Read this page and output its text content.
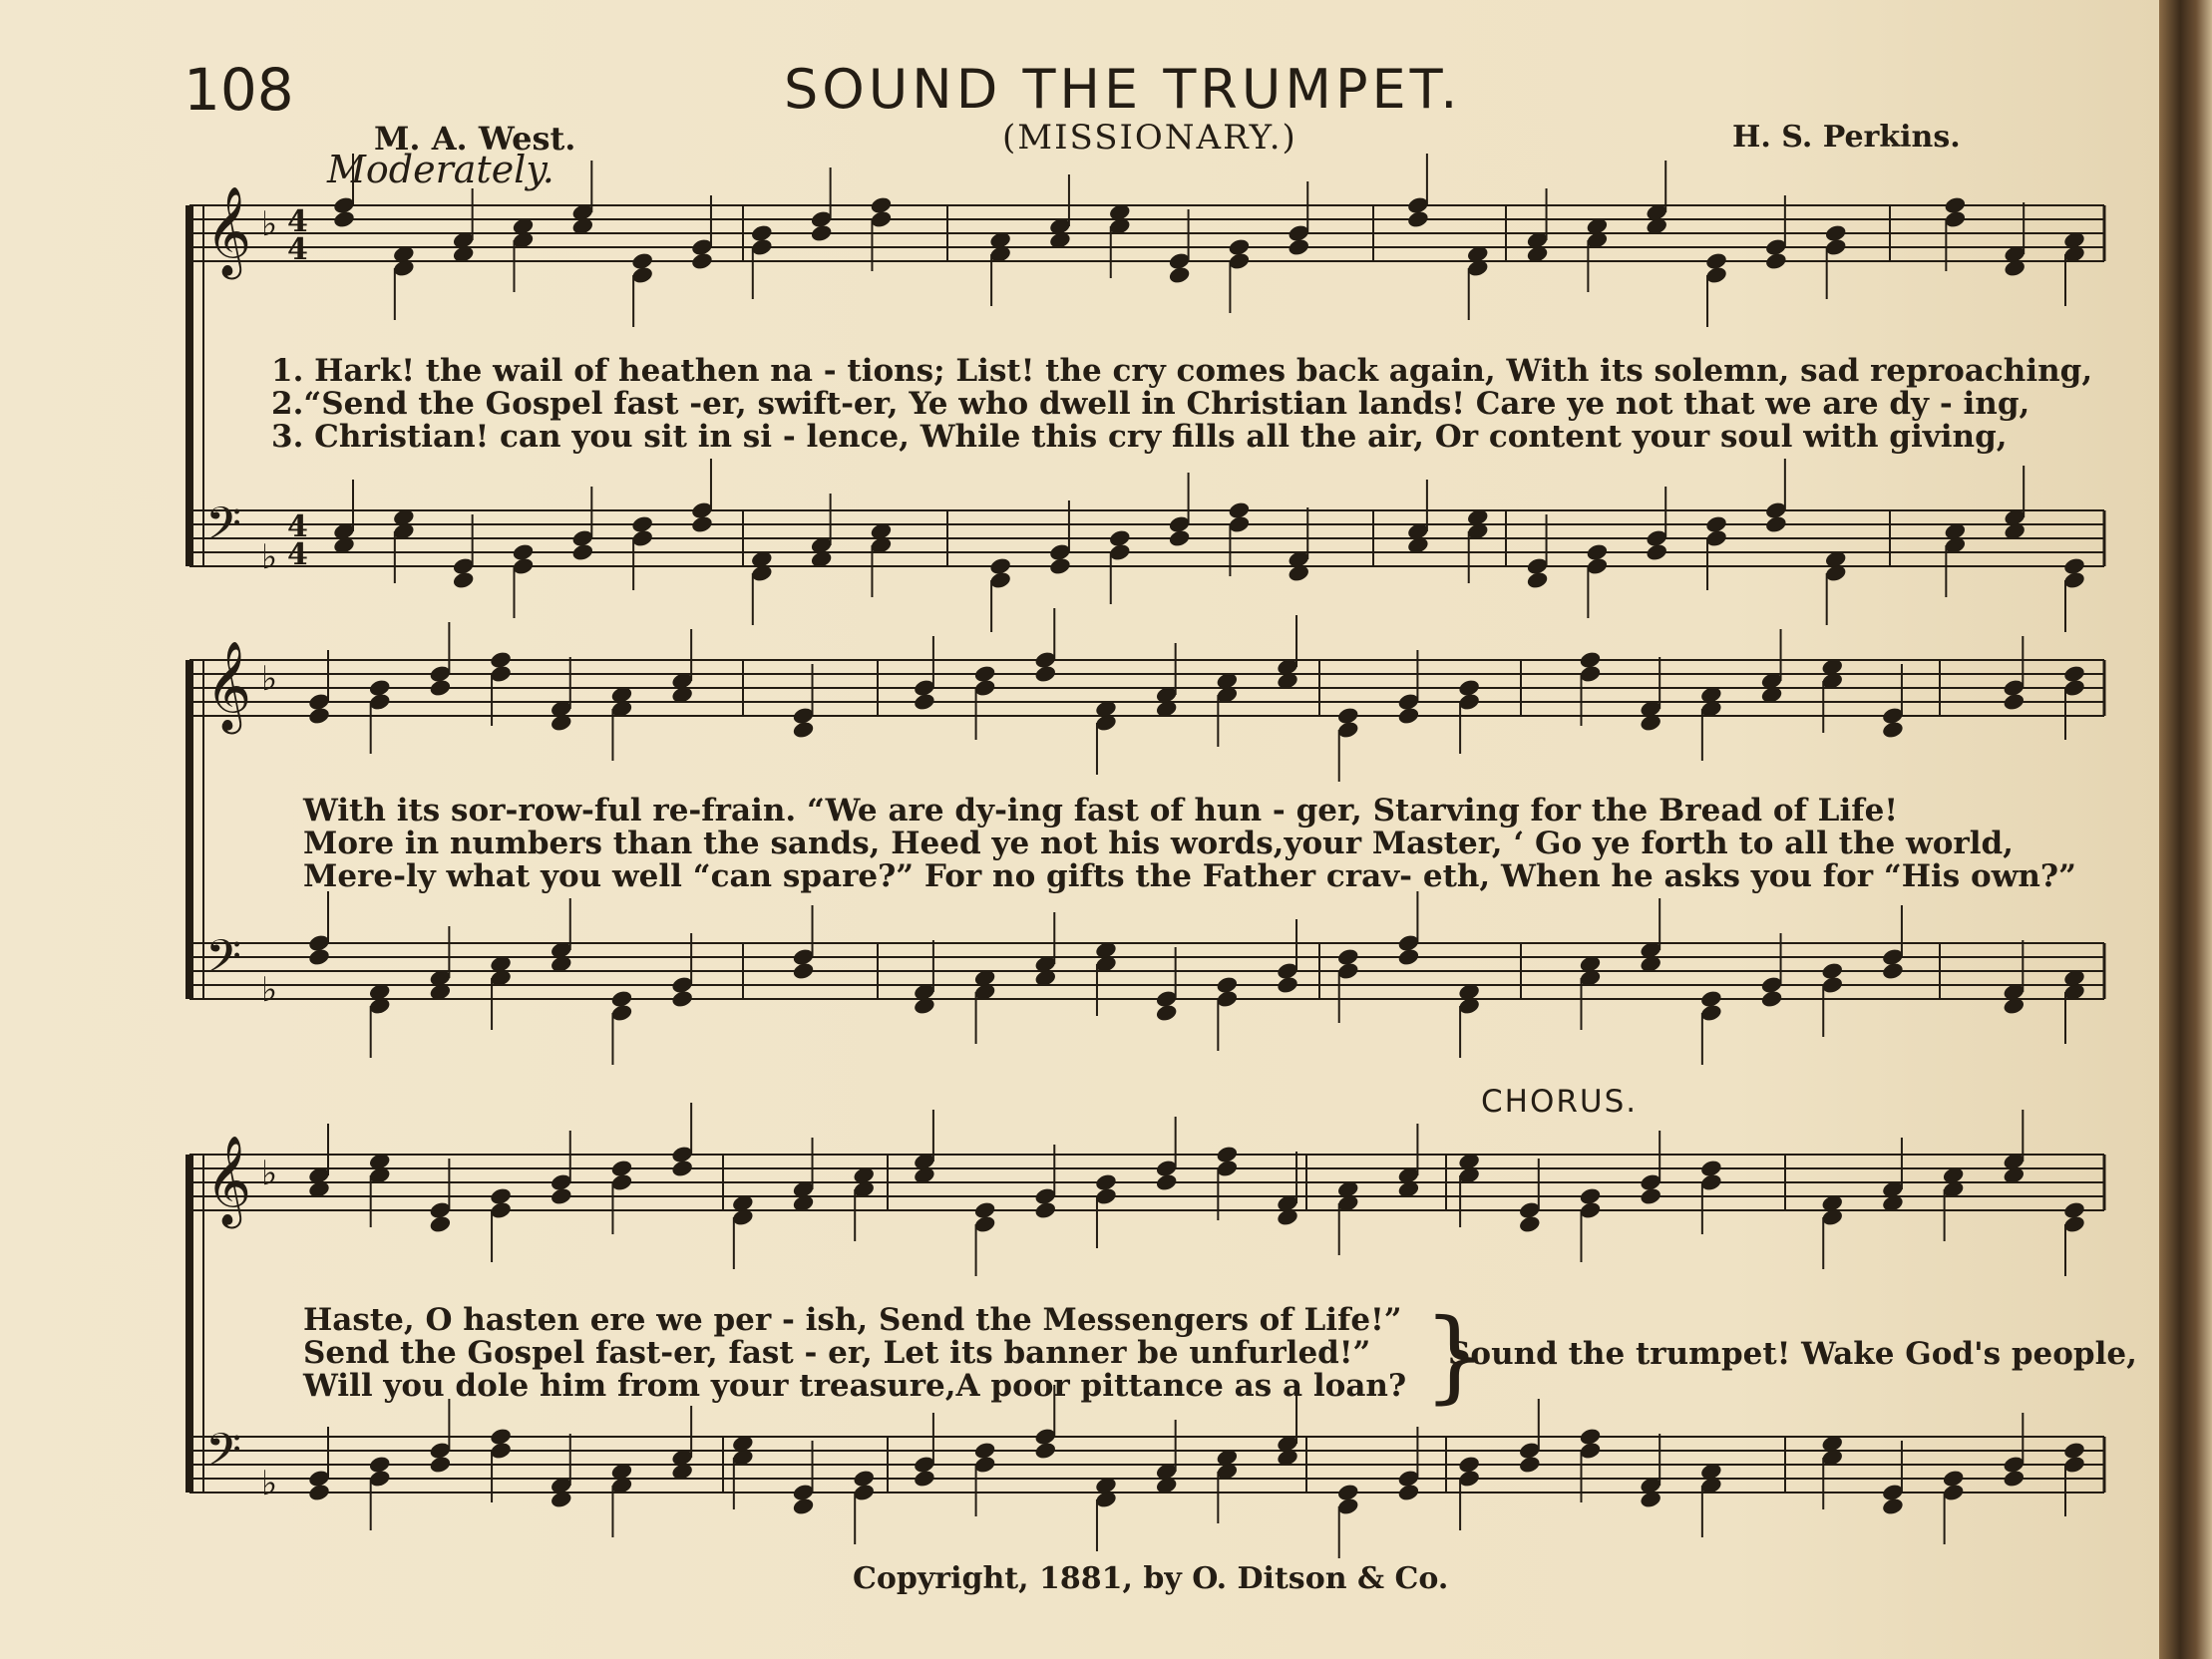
108	SOUND THE TRUMPET.
M. A. West.	(MISSIONARY.)	H. S. Perkins.
Moderately.
𝄞 ♭ 4
4
𝄢 ♭
4
4
𝄞 ♭
𝄢 ♭
𝄞 ♭
𝄢 ♭
1. Hark! the wail of heathen na - tions; List! the cry comes back again, With its solemn, sad reproaching,
2.“Send the Gospel fast -er, swift-er, Ye who dwell in Christian lands! Care ye not that we are dy - ing,
3. Christian! can you sit in si - lence, While this cry fills all the air, Or content your soul with giving,
With its sor-row-ful re-frain. “We are dy-ing fast of hun - ger, Starving for the Bread of Life!
More in numbers than the sands, Heed ye not his words,your Master, ‘ Go ye forth to all the world,
Mere-ly what you well “can spare?” For no gifts the Father crav- eth, When he asks you for “His own?”
CHORUS.
Haste, O hasten ere we per - ish, Send the Messengers of Life!”
Send the Gospel fast-er, fast - er, Let its banner be unfurled!”
Will you dole him from your treasure,A poor pittance as a loan? }
Sound the trumpet! Wake God's people,
Copyright, 1881, by O. Ditson & Co.
